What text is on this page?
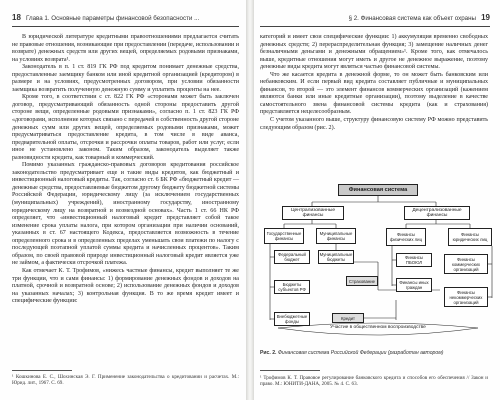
18 Глава 1. Основные параметры финансовой безопасности ...

В юридической литературе кредитными правоотношениями предлагается считать не правовые отношения, возникающие при предоставлении (передаче, использовании и возврате) денежных средств или других вещей, определяемых родовыми признаками, на условиях возврата¹.

Законодатель в п. 1 ст. 819 ГК РФ под кредитом понимает денежные средства, предоставленные заемщику банком или иной кредитной организацией (кредитором) в размере и на условиях, предусмотренных договором, при условии обязанности заемщика возвратить полученную денежную сумму и уплатить проценты на нее.

Кроме того, в соответствии с ст. 822 ГК РФ «сторонами может быть заключен договор, предусматривающий обязанность одной стороны предоставить другой стороне вещи, определенные родовыми признаками», согласно п. 1 ст. 823 ГК РФ «договорами, исполнение которых связано с передачей в собственность другой стороне денежных сумм или других вещей, определяемых родовыми признаками, может предусматриваться предоставление кредита, в том числе в виде аванса, предварительной оплаты, отсрочки и рассрочки оплаты товаров, работ или услуг, если иное не установлено законом. Таким образом, законодатель выделяет также разновидности кредита, как товарный и коммерческий.

Помимо указанных гражданско-правовых договоров кредитования российское законодательство предусматривает еще и такие виды кредитов, как бюджетный и инвестиционный налоговый кредиты. Так, согласно ст. 6 БК РФ «бюджетный кредит — денежные средства, предоставляемые бюджетом другому бюджету бюджетной системы Российской Федерации, юридическому лицу (за исключением государственных (муниципальных) учреждений), иностранному государству, иностранному юридическому лицу на возвратной и возмездной основах». Часть 1 ст. 66 НК РФ определяет, что «инвестиционный налоговый кредит представляет собой такое изменение срока уплаты налога, при котором организации при наличии оснований, указанных в ст. 67 настоящего Кодекса, предоставляется возможность в течение определенного срока и в определенных пределах уменьшать свои платежи по налогу с последующей поэтапной уплатой суммы кредита и начисленных процентов». Таким образом, по своей правовой природе инвестиционный налоговый кредит является уже не займом, а фактически отсрочкой платежа.

Как отмечает К. Т. Трофимов, «нижесь частные финансы, кредит выполняет те же три функции, что и сами финансы: 1) формирование денежных фондов и доходов на платной, срочной и возвратной основе; 2) использование денежных фондов и доходов на указанных началах; 3) контрольная функция. В то же время кредит имеет и специфические функции:

¹ Кошкинова Е. С., Шохинская Э. Г. Применение законодательства о кредитовании и расчетах. М.: Юрид. лит., 1967. С. 69.
§ 2. Финансовая система как объект охраны 19

категорий и имеет свои специфические функции: 1) аккумуляция временно свободных денежных средств; 2) перераспределительная функция; 3) замещение наличных денег безналичными деньгами и денежными обращением»¹. Кроме того, как отмечалось выше, кредитные отношения могут иметь и другое не денежное выражение, поэтому денежные виды кредита могут являться частью финансовой системы.

Что же касается кредита в денежной форме, то он может быть банковским или небанковским. И если первый вид кредита составляет публичные и муниципальных финансов, то второй — это элемент финансов коммерческих организаций (кажением являются банки или иные кредитные организации), поэтому выделение в качестве самостоятельного звена финансовой системы кредита (как и страхования) представляется нецелесообразным.

С учетом указанного выше, структуру финансовую систему РФ можно представить следующим образом (рис. 2).

Финансовая система
Централизованные финансы
Децентрализованные финансы
Государственные финансы
Муниципальные финансы
Федеральный бюджет
Муниципальные бюджеты
Бюджеты субъектов РФ
Внебюджетные фонды
Финансы физических лиц
Финансы юридических лиц
Финансы ПБОЮЛ
Финансы коммерческих организаций
Финансы иных граждан
Финансы некоммерческих организаций
Страхование
Кредит
Участие в общественном воспроизводстве
Рис. 2. Финансовая система Российской Федерации (разработан автором)
¹ Трофимов К. Т. Правовое регулирование банковского кредита и способов его обеспечения // Закон и право. М.: ЮНИТИ-ДАНА, 2005. № 4. С. 63.
